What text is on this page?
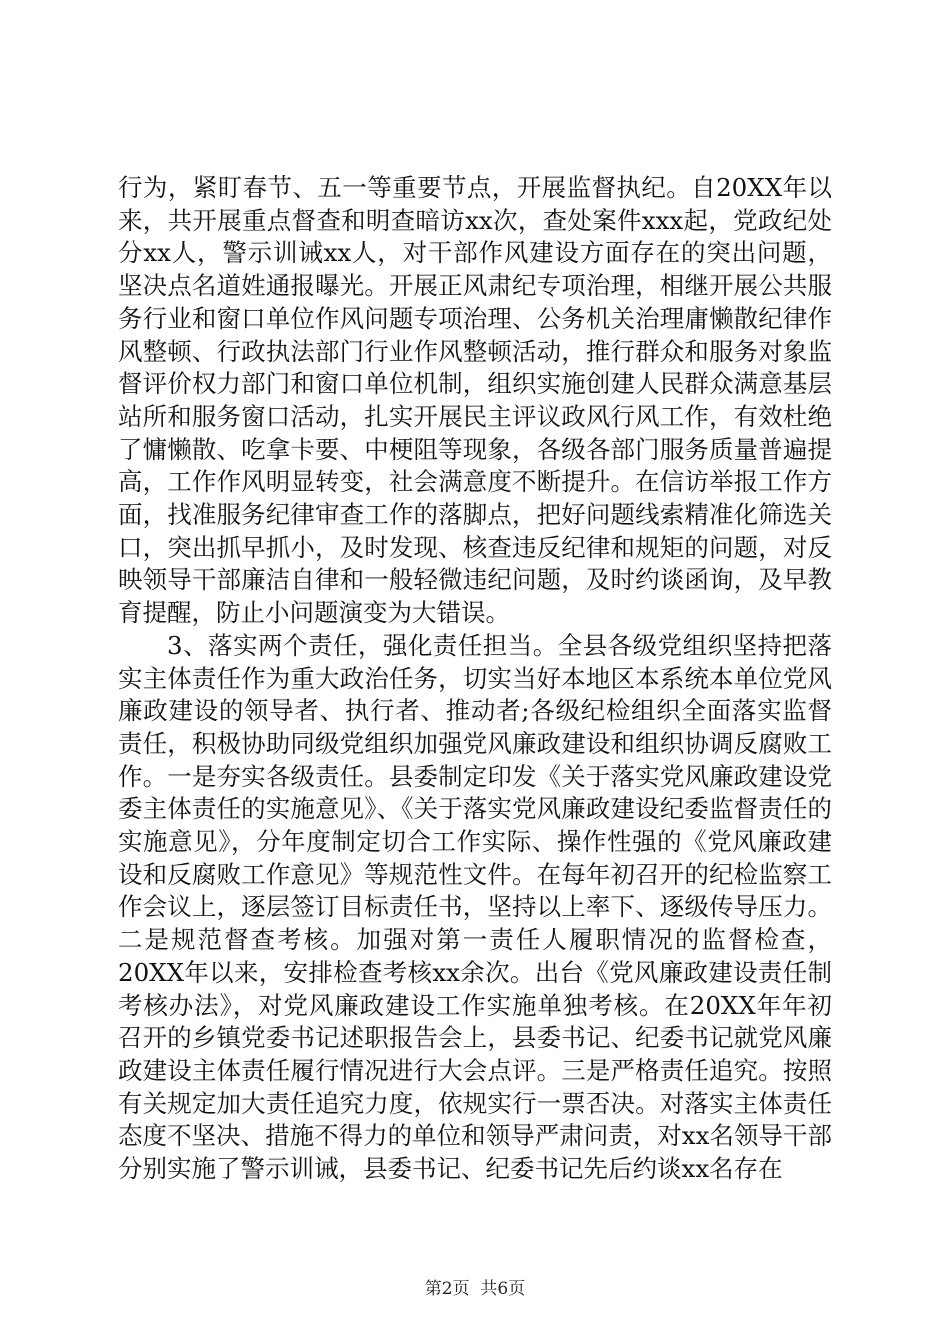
行为，紧盯春节、五一等重要节点，开展监督执纪。自20XX年以来，共开展重点督查和明查暗访xx次，查处案件xxx起，党政纪处分xx人，警示训诫xx人，对干部作风建设方面存在的突出问题，坚决点名道姓通报曝光。开展正风肃纪专项治理，相继开展公共服务行业和窗口单位作风问题专项治理、公务机关治理庸懒散纪律作风整顿、行政执法部门行业作风整顿活动，推行群众和服务对象监督评价权力部门和窗口单位机制，组织实施创建人民群众满意基层站所和服务窗口活动，扎实开展民主评议政风行风工作，有效杜绝了慵懒散、吃拿卡要、中梗阻等现象，各级各部门服务质量普遍提高，工作作风明显转变，社会满意度不断提升。在信访举报工作方面，找准服务纪律审查工作的落脚点，把好问题线索精准化筛选关口，突出抓早抓小，及时发现、核查违反纪律和规矩的问题，对反映领导干部廉洁自律和一般轻微违纪问题，及时约谈函询，及早教育提醒，防止小问题演变为大错误。

3、落实两个责任，强化责任担当。全县各级党组织坚持把落实主体责任作为重大政治任务，切实当好本地区本系统本单位党风廉政建设的领导者、执行者、推动者;各级纪检组织全面落实监督责任，积极协助同级党组织加强党风廉政建设和组织协调反腐败工作。一是夯实各级责任。县委制定印发《关于落实党风廉政建设党委主体责任的实施意见》、《关于落实党风廉政建设纪委监督责任的实施意见》，分年度制定切合工作实际、操作性强的《党风廉政建设和反腐败工作意见》等规范性文件。在每年初召开的纪检监察工作会议上，逐层签订目标责任书，坚持以上率下、逐级传导压力。二是规范督查考核。加强对第一责任人履职情况的监督检查，20XX年以来，安排检查考核xx余次。出台《党风廉政建设责任制考核办法》，对党风廉政建设工作实施单独考核。在20XX年年初召开的乡镇党委书记述职报告会上，县委书记、纪委书记就党风廉政建设主体责任履行情况进行大会点评。三是严格责任追究。按照有关规定加大责任追究力度，依规实行一票否决。对落实主体责任态度不坚决、措施不得力的单位和领导严肃问责，对xx名领导干部分别实施了警示训诫，县委书记、纪委书记先后约谈xx名存在

第2页  共6页
